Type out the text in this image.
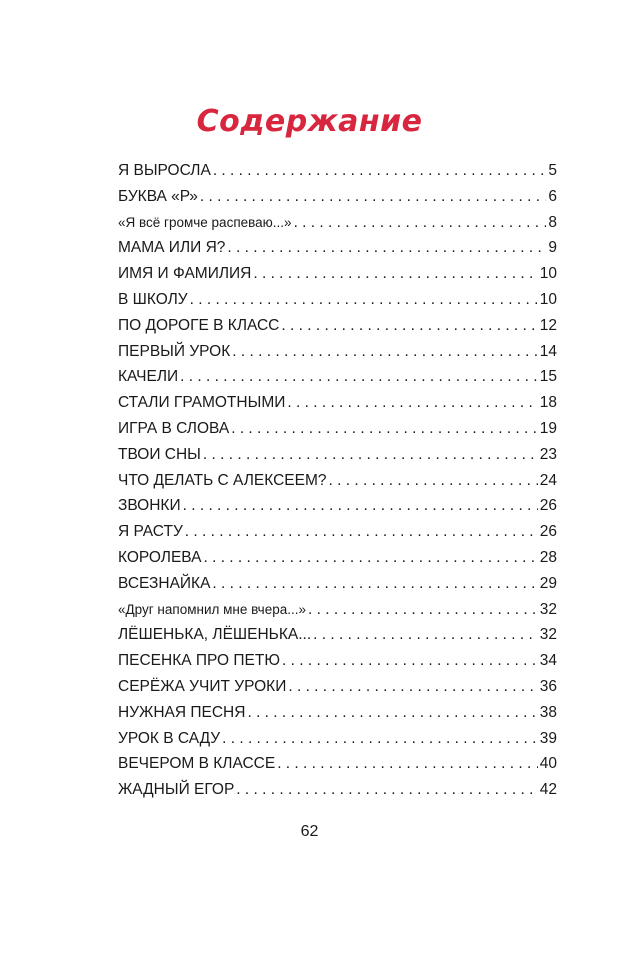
Содержание
Я ВЫРОСЛА . . .	5
БУКВА «Р» . . .	6
«Я всё громче распеваю...» . . .	8
МАМА ИЛИ Я? . . .	9
ИМЯ И ФАМИЛИЯ . . .	10
В ШКОЛУ . . .	10
ПО ДОРОГЕ В КЛАСС . . .	12
ПЕРВЫЙ УРОК . . .	14
КАЧЕЛИ . . .	15
СТАЛИ ГРАМОТНЫМИ . . .	18
ИГРА В СЛОВА . . .	19
ТВОИ СНЫ . . .	23
ЧТО ДЕЛАТЬ С АЛЕКСЕЕМ? . . .	24
ЗВОНКИ . . .	26
Я РАСТУ . . .	26
КОРОЛЕВА . . .	28
ВСЕЗНАЙКА . . .	29
«Друг напомнил мне вчера...» . . .	32
ЛЁШЕНЬКА, ЛЁШЕНЬКА... . . .	32
ПЕСЕНКА ПРО ПЕТЮ . . .	34
СЕРЁЖА УЧИТ УРОКИ . . .	36
НУЖНАЯ ПЕСНЯ . . .	38
УРОК В САДУ . . .	39
ВЕЧЕРОМ В КЛАССЕ . . .	40
ЖАДНЫЙ ЕГОР . . .	42
62
